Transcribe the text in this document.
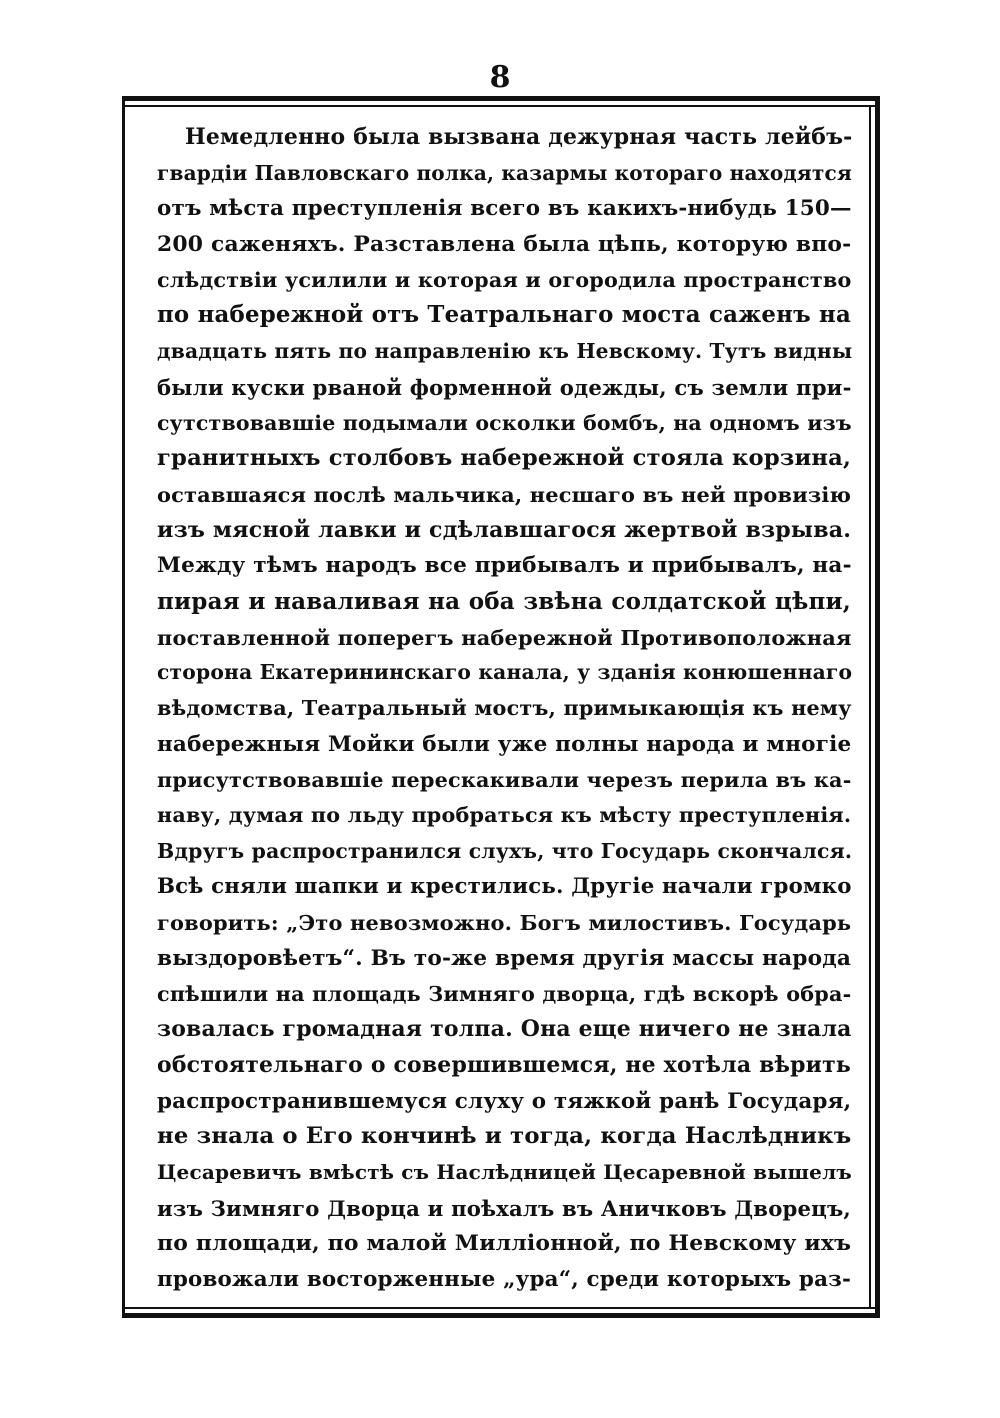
8
Немедленно была вызвана дежурная часть лейбъ-
гвардіи Павловскаго полка, казармы котораго находятся
отъ мѣста преступленія всего въ какихъ-нибудь 150—
200 саженяхъ. Разставлена была цѣпь, которую впо-
слѣдствіи усилили и которая и огородила пространство
по набережной отъ Театральнаго моста саженъ на
двадцать пять по направленію къ Невскому. Тутъ видны
были куски рваной форменной одежды, съ земли при-
сутствовавшіе подымали осколки бомбъ, на одномъ изъ
гранитныхъ столбовъ набережной стояла корзина,
оставшаяся послѣ мальчика, несшаго въ ней провизію
изъ мясной лавки и сдѣлавшагося жертвой взрыва.
Между тѣмъ народъ все прибывалъ и прибывалъ, на-
пирая и наваливая на оба звѣна солдатской цѣпи,
поставленной поперегъ набережной Противоположная
сторона Екатерининскаго канала, у зданія конюшеннаго
вѣдомства, Театральный мостъ, примыкающія къ нему
набережныя Мойки были уже полны народа и многіе
присутствовавшіе перескакивали черезъ перила въ ка-
наву, думая по льду пробраться къ мѣсту преступленія.
Вдругъ распространился слухъ, что Государь скончался.
Всѣ сняли шапки и крестились. Другіе начали громко
говорить: „Это невозможно. Богъ милостивъ. Государь
выздоровѣетъ“. Въ то-же время другія массы народа
спѣшили на площадь Зимняго дворца, гдѣ вскорѣ обра-
зовалась громадная толпа. Она еще ничего не знала
обстоятельнаго о совершившемся, не хотѣла вѣрить
распространившемуся слуху о тяжкой ранѣ Государя,
не знала о Его кончинѣ и тогда, когда Наслѣдникъ
Цесаревичъ вмѣстѣ съ Наслѣдницей Цесаревной вышелъ
изъ Зимняго Дворца и поѣхалъ въ Аничковъ Дворецъ,
по площади, по малой Милліонной, по Невскому ихъ
провожали восторженные „ура“, среди которыхъ раз-
